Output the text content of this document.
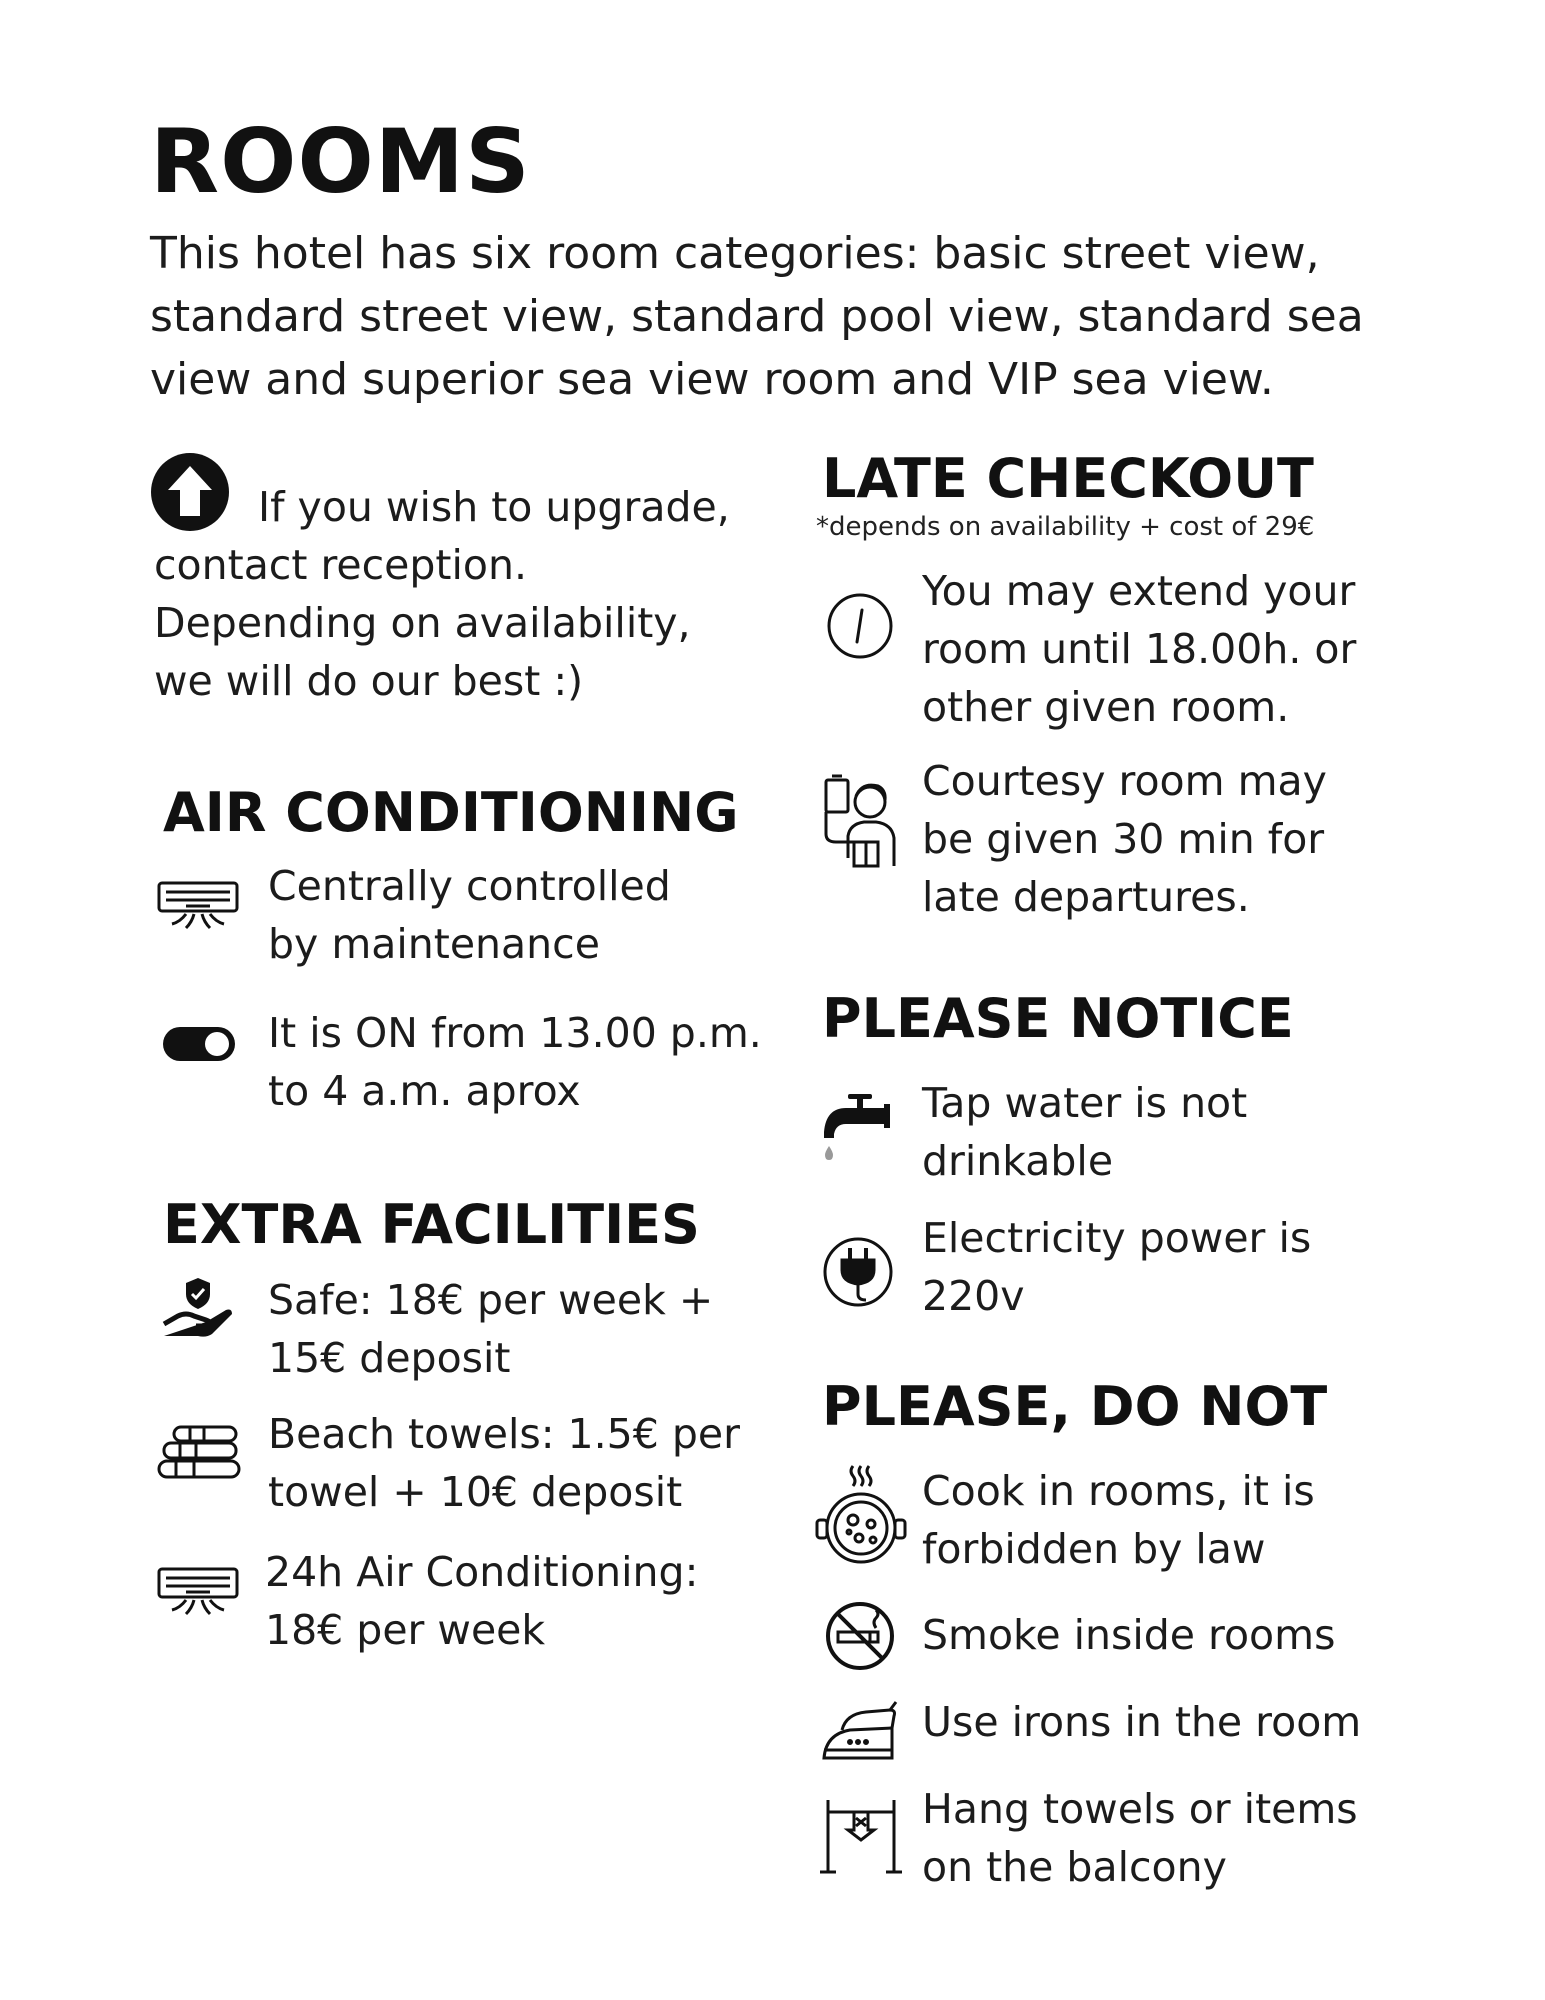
ROOMS

This hotel has six room categories: basic street view, standard street view, standard pool view, standard sea view and superior sea view room and VIP sea view.

If you wish to upgrade,

contact reception.

Depending on availability,

we will do our best :)

AIR CONDITIONING

Centrally controlled

by maintenance

It is ON from 13.00 p.m.

to 4 a.m. aprox

EXTRA FACILITIES

Safe: 18€ per week +

15€ deposit

Beach towels: 1.5€ per

towel + 10€ deposit

24h Air Conditioning:

18€ per week

LATE CHECKOUT

*depends on availability + cost of 29€

You may extend your

room until 18.00h. or

other given room.

Courtesy room may

be given 30 min for

late departures.

PLEASE NOTICE

Tap water is not

drinkable

Electricity power is

220v

PLEASE, DO NOT

Cook in rooms, it is

forbidden by law

Smoke inside rooms

Use irons in the room

Hang towels or items

on the balcony
